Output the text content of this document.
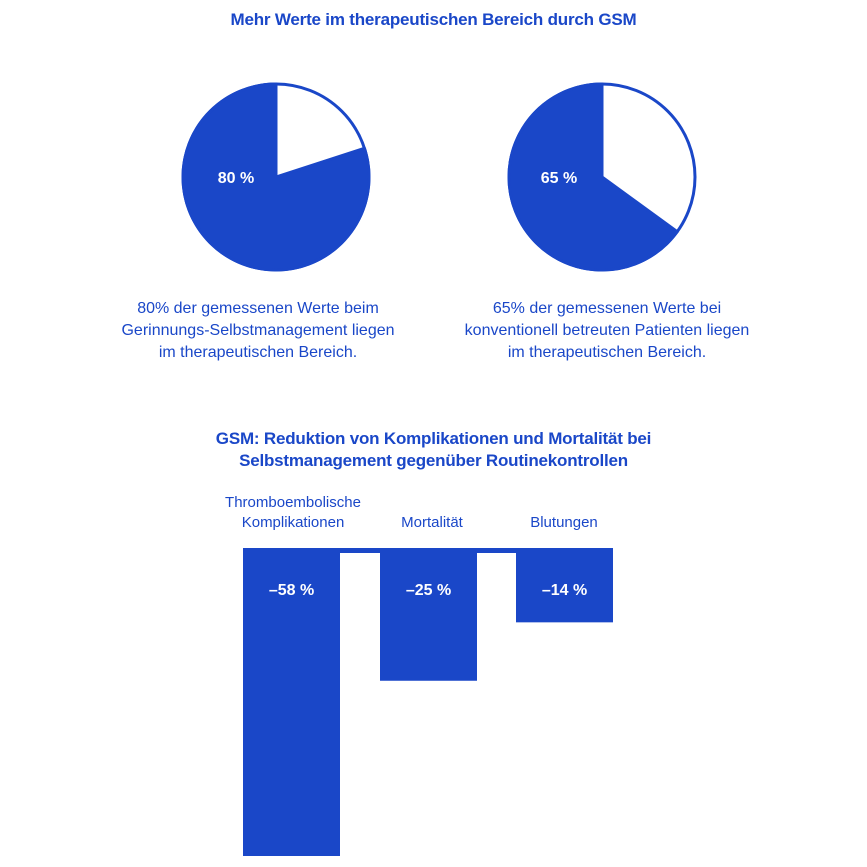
Mehr Werte im therapeutischen Bereich durch GSM
80 %	65 %
80% der gemessenen Werte beim
Gerinnungs-Selbstmanagement liegen
im therapeutischen Bereich.
65% der gemessenen Werte bei
konventionell betreuten Patienten liegen
im therapeutischen Bereich.
GSM: Reduktion von Komplikationen und Mortalität bei
Selbstmanagement gegenüber Routinekontrollen
Thromboembolische
Komplikationen	Mortalität	Blutungen
–58 %	–25 %	–14 %
